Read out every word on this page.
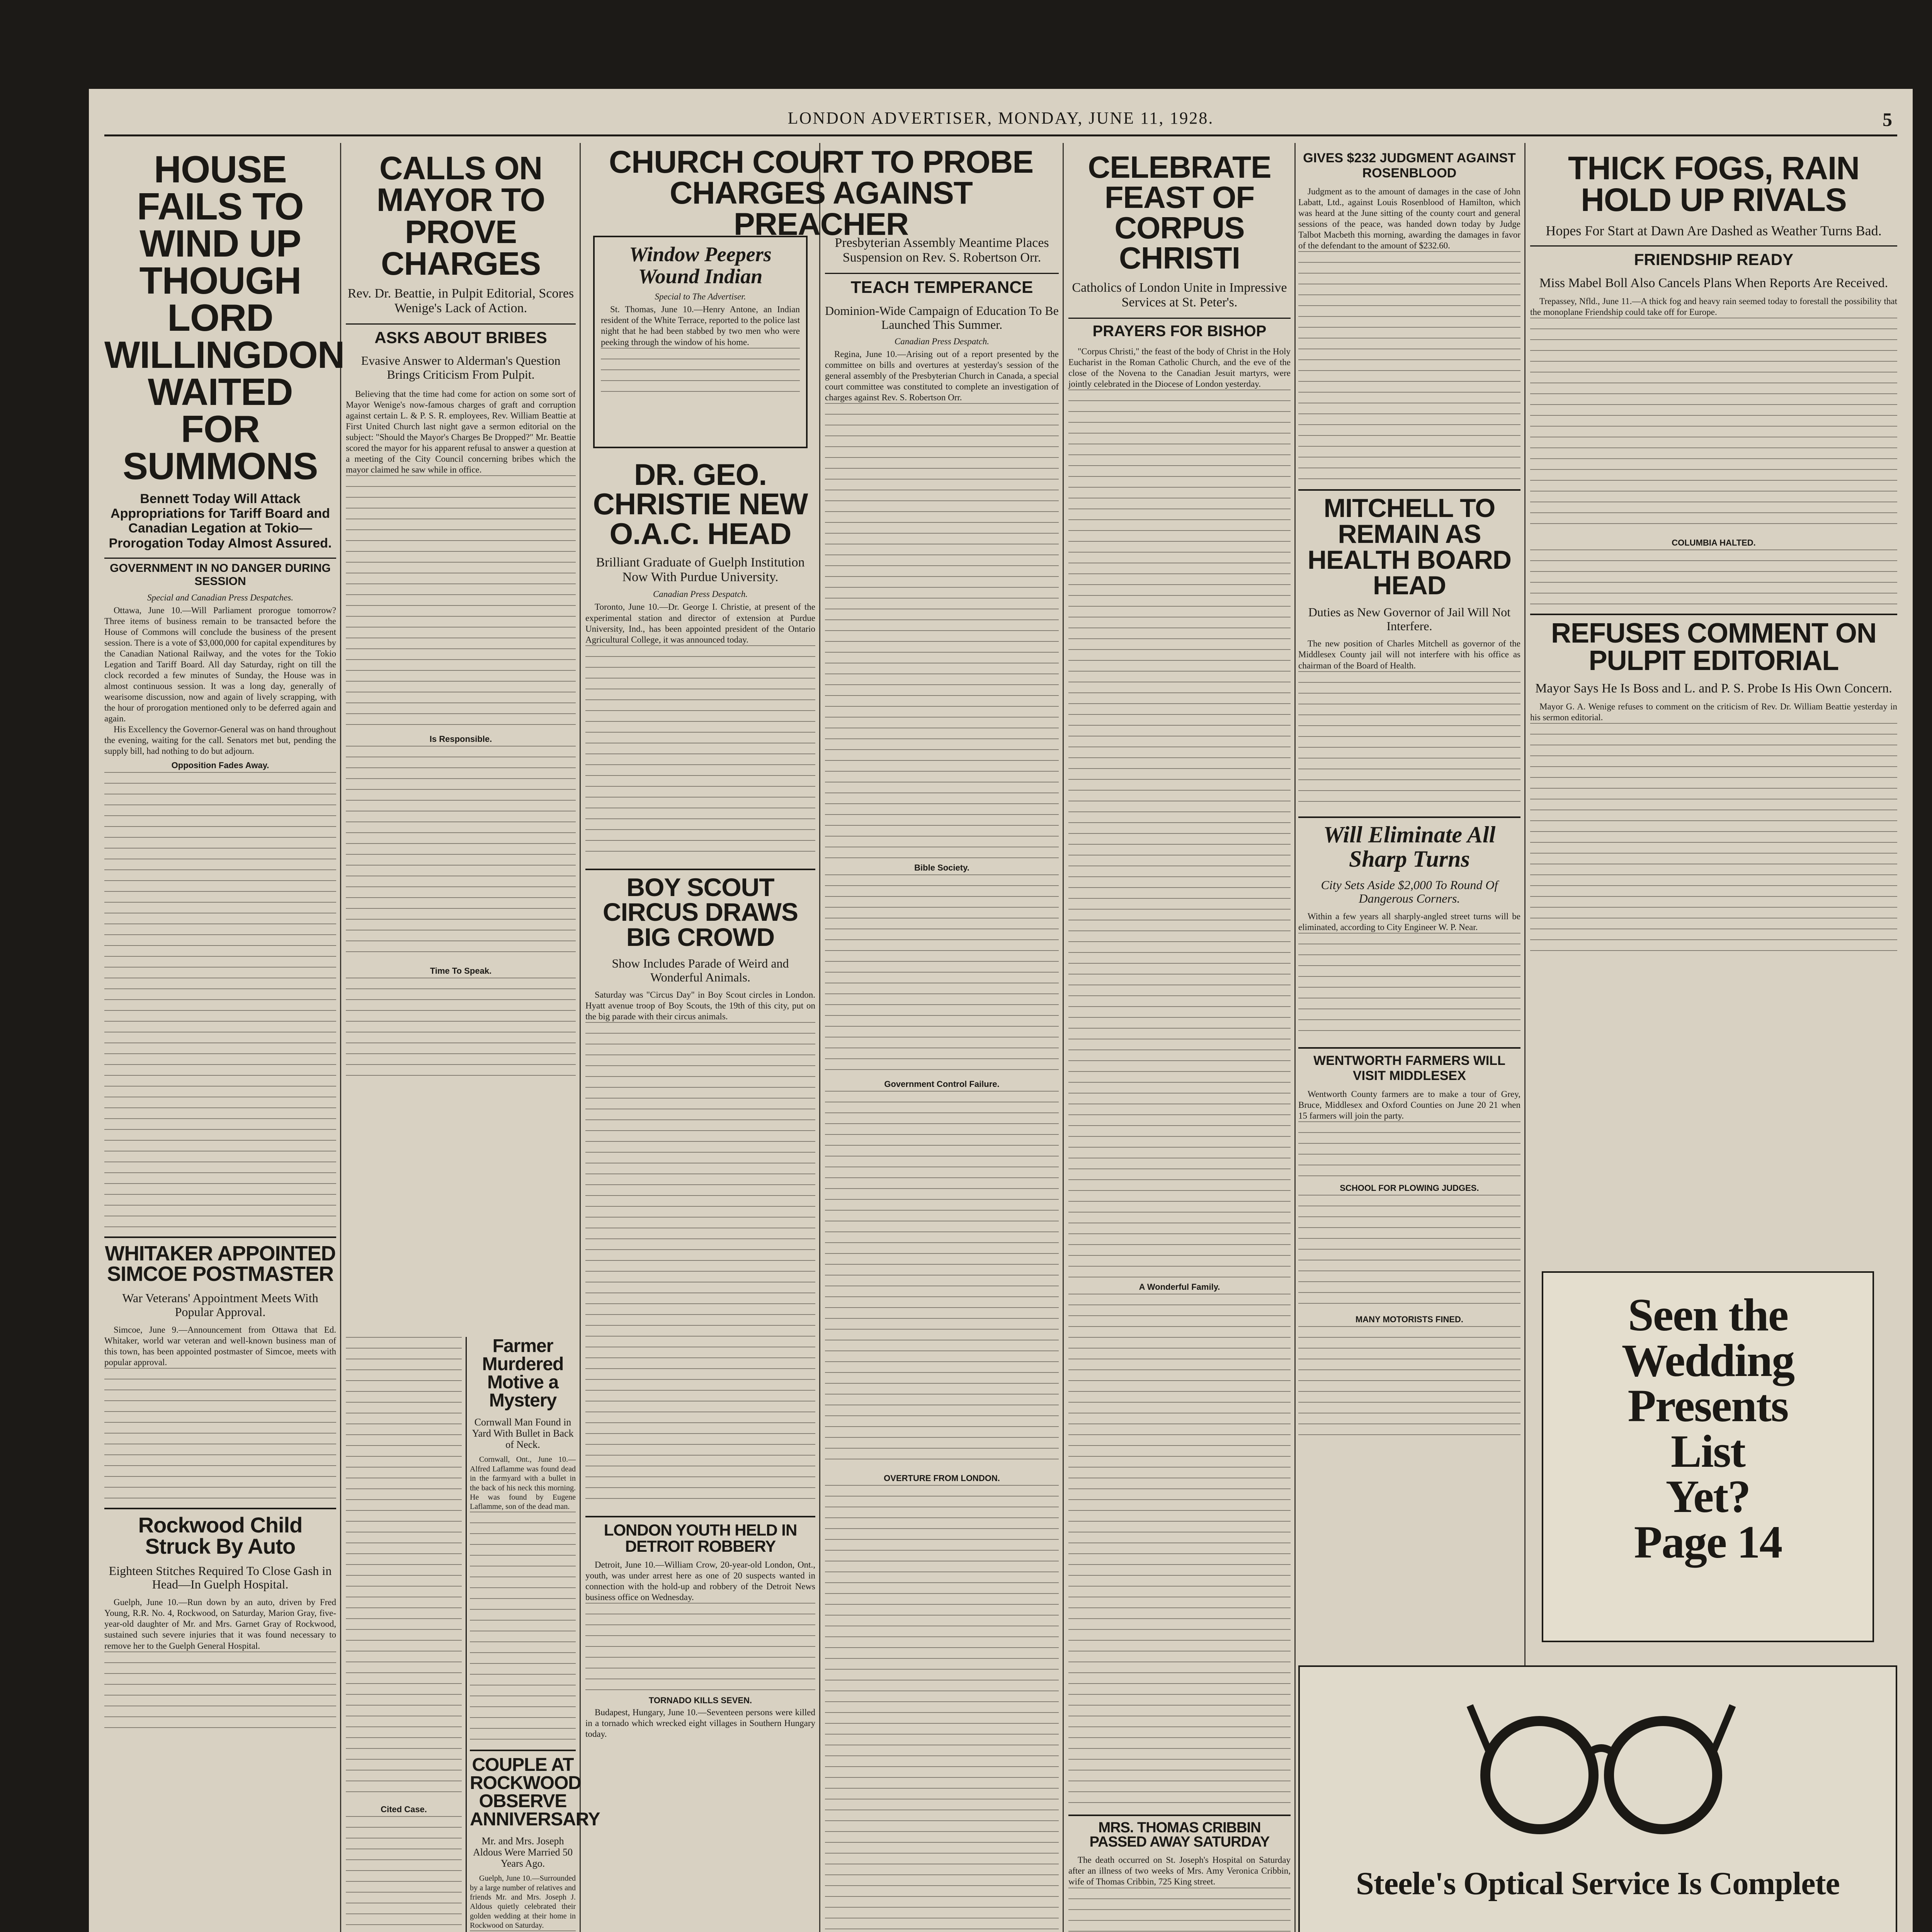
LONDON ADVERTISER, MONDAY, JUNE 11, 1928.	5
HOUSE FAILS TO WIND UP THOUGH LORD WILLINGDON WAITED FOR SUMMONS
Bennett Today Will Attack Appropriations for Tariff Board and Canadian Legation at Tokio—Prorogation Today Almost Assured.
GOVERNMENT IN NO DANGER DURING SESSION
Special and Canadian Press Despatches.

Ottawa, June 10.—Will Parliament prorogue tomorrow? Three items of business remain to be transacted before the House of Commons will conclude the business of the present session. There is a vote of $3,000,000 for capital expenditures by the Canadian National Railway, and the votes for the Tokio Legation and Tariff Board. All day Saturday, right on till the clock recorded a few minutes of Sunday, the House was in almost continuous session. It was a long day, generally of wearisome discussion, now and again of lively scrapping, with the hour of prorogation mentioned only to be deferred again and again.

His Excellency the Governor-General was on hand throughout the evening, waiting for the call. Senators met but, pending the supply bill, had nothing to do but adjourn.

Opposition Fades Away.
WHITAKER APPOINTED SIMCOE POSTMASTER
War Veterans' Appointment Meets With Popular Approval.

Simcoe, June 9.—Announcement from Ottawa that Ed. Whitaker, world war veteran and well-known business man of this town, has been appointed postmaster of Simcoe, meets with popular approval.

Rockwood Child Struck By Auto
Eighteen Stitches Required To Close Gash in Head—In Guelph Hospital.

Guelph, June 10.—Run down by an auto, driven by Fred Young, R.R. No. 4, Rockwood, on Saturday, Marion Gray, five-year-old daughter of Mr. and Mrs. Garnet Gray of Rockwood, sustained such severe injuries that it was found necessary to remove her to the Guelph General Hospital.

CALLS ON MAYOR TO PROVE CHARGES
Rev. Dr. Beattie, in Pulpit Editorial, Scores Wenige's Lack of Action.
ASKS ABOUT BRIBES
Evasive Answer to Alderman's Question Brings Criticism From Pulpit.

Believing that the time had come for action on some sort of Mayor Wenige's now-famous charges of graft and corruption against certain L. & P. S. R. employees, Rev. William Beattie at First United Church last night gave a sermon editorial on the subject: "Should the Mayor's Charges Be Dropped?" Mr. Beattie scored the mayor for his apparent refusal to answer a question at a meeting of the City Council concerning bribes which the mayor claimed he saw while in office.

Is Responsible.
Time To Speak.
Cited Case.
Farmer Murdered Motive a Mystery
Cornwall Man Found in Yard With Bullet in Back of Neck.

Cornwall, Ont., June 10.—Alfred Laflamme was found dead in the farmyard with a bullet in the back of his neck this morning. He was found by Eugene Laflamme, son of the dead man.

COUPLE AT ROCKWOOD OBSERVE ANNIVERSARY
Mr. and Mrs. Joseph Aldous Were Married 50 Years Ago.

Guelph, June 10.—Surrounded by a large number of relatives and friends Mr. and Mrs. Joseph J. Aldous quietly celebrated their golden wedding at their home in Rockwood on Saturday.

CHURCH COURT TO PROBE CHARGES AGAINST PREACHER
Window Peepers Wound Indian
Special to The Advertiser.

St. Thomas, June 10.—Henry Antone, an Indian resident of the White Terrace, reported to the police last night that he had been stabbed by two men who were peeking through the window of his home.

DR. GEO. CHRISTIE NEW O.A.C. HEAD
Brilliant Graduate of Guelph Institution Now With Purdue University.
Canadian Press Despatch.

Toronto, June 10.—Dr. George I. Christie, at present of the experimental station and director of extension at Purdue University, Ind., has been appointed president of the Ontario Agricultural College, it was announced today.

BOY SCOUT CIRCUS DRAWS BIG CROWD
Show Includes Parade of Weird and Wonderful Animals.

Saturday was "Circus Day" in Boy Scout circles in London. Hyatt avenue troop of Boy Scouts, the 19th of this city, put on the big parade with their circus animals.

LONDON YOUTH HELD IN DETROIT ROBBERY

Detroit, June 10.—William Crow, 20-year-old London, Ont., youth, was under arrest here as one of 20 suspects wanted in connection with the hold-up and robbery of the Detroit News business office on Wednesday.

TORNADO KILLS SEVEN.

Budapest, Hungary, June 10.—Seventeen persons were killed in a tornado which wrecked eight villages in Southern Hungary today.

Presbyterian Assembly Meantime Places Suspension on Rev. S. Robertson Orr.
TEACH TEMPERANCE
Dominion-Wide Campaign of Education To Be Launched This Summer.
Canadian Press Despatch.

Regina, June 10.—Arising out of a report presented by the committee on bills and overtures at yesterday's session of the general assembly of the Presbyterian Church in Canada, a special court committee was constituted to complete an investigation of charges against Rev. S. Robertson Orr.

Bible Society.
Government Control Failure.
OVERTURE FROM LONDON.
CELEBRATE FEAST OF CORPUS CHRISTI
Catholics of London Unite in Impressive Services at St. Peter's.
PRAYERS FOR BISHOP

"Corpus Christi," the feast of the body of Christ in the Holy Eucharist in the Roman Catholic Church, and the eve of the close of the Novena to the Canadian Jesuit martyrs, were jointly celebrated in the Diocese of London yesterday.

A Wonderful Family.
MRS. THOMAS CRIBBIN PASSED AWAY SATURDAY

The death occurred on St. Joseph's Hospital on Saturday after an illness of two weeks of Mrs. Amy Veronica Cribbin, wife of Thomas Cribbin, 725 King street.

GIVES $232 JUDGMENT AGAINST ROSENBLOOD

Judgment as to the amount of damages in the case of John Labatt, Ltd., against Louis Rosenblood of Hamilton, which was heard at the June sitting of the county court and general sessions of the peace, was handed down today by Judge Talbot Macbeth this morning, awarding the damages in favor of the defendant to the amount of $232.60.

MITCHELL TO REMAIN AS HEALTH BOARD HEAD
Duties as New Governor of Jail Will Not Interfere.

The new position of Charles Mitchell as governor of the Middlesex County jail will not interfere with his office as chairman of the Board of Health.

Will Eliminate All Sharp Turns
City Sets Aside $2,000 To Round Of Dangerous Corners.

Within a few years all sharply-angled street turns will be eliminated, according to City Engineer W. P. Near.

WENTWORTH FARMERS WILL VISIT MIDDLESEX

Wentworth County farmers are to make a tour of Grey, Bruce, Middlesex and Oxford Counties on June 20 21 when 15 farmers will join the party.

SCHOOL FOR PLOWING JUDGES.
MANY MOTORISTS FINED.
THICK FOGS, RAIN HOLD UP RIVALS
Hopes For Start at Dawn Are Dashed as Weather Turns Bad.
FRIENDSHIP READY
Miss Mabel Boll Also Cancels Plans When Reports Are Received.

Trepassey, Nfld., June 11.—A thick fog and heavy rain seemed today to forestall the possibility that the monoplane Friendship could take off for Europe.

COLUMBIA HALTED.
REFUSES COMMENT ON PULPIT EDITORIAL
Mayor Says He Is Boss and L. and P. S. Probe Is His Own Concern.

Mayor G. A. Wenige refuses to comment on the criticism of Rev. Dr. William Beattie yesterday in his sermon editorial.

Seen the
Wedding
Presents
List
Yet?
Page 14
Steele's Optical Service Is Complete
